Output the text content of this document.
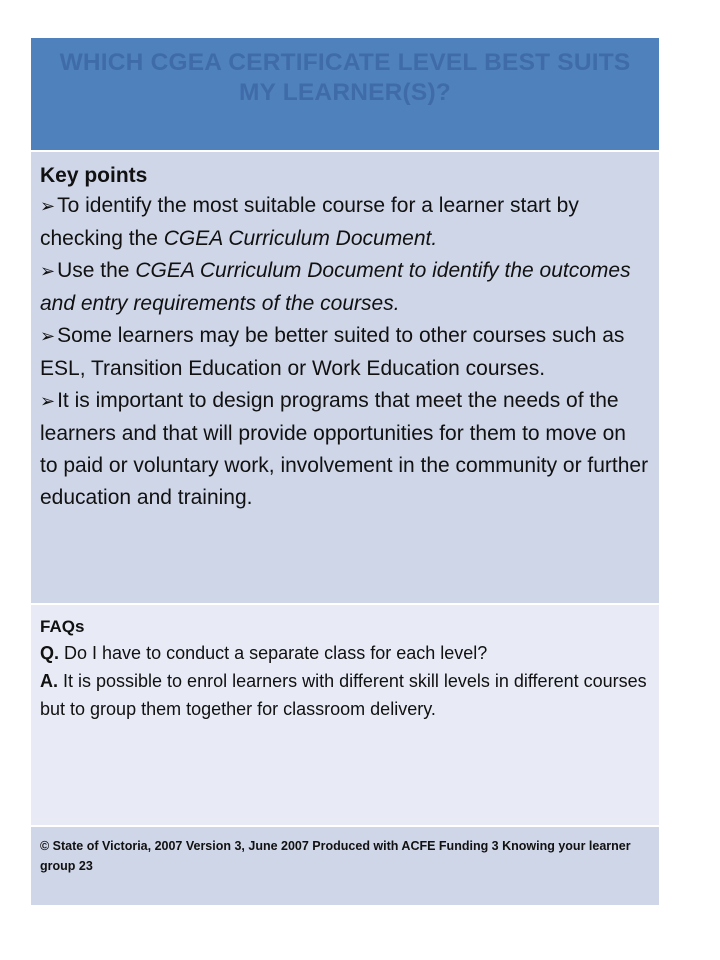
WHICH CGEA CERTIFICATE LEVEL BEST SUITS MY LEARNER(S)?

Key points

➢To identify the most suitable course for a learner start by checking the CGEA Curriculum Document.
➢Use the CGEA Curriculum Document to identify the outcomes and entry requirements of the courses.
➢Some learners may be better suited to other courses such as ESL, Transition Education or Work Education courses.
➢It is important to design programs that meet the needs of the learners and that will provide opportunities for them to move on to paid or voluntary work, involvement in the community or further education and training.

FAQs

Q. Do I have to conduct a separate class for each level?

A. It is possible to enrol learners with different skill levels in different courses but to group them together for classroom delivery.

© State of Victoria, 2007 Version 3, June 2007 Produced with ACFE Funding 3 Knowing your learner group 23
